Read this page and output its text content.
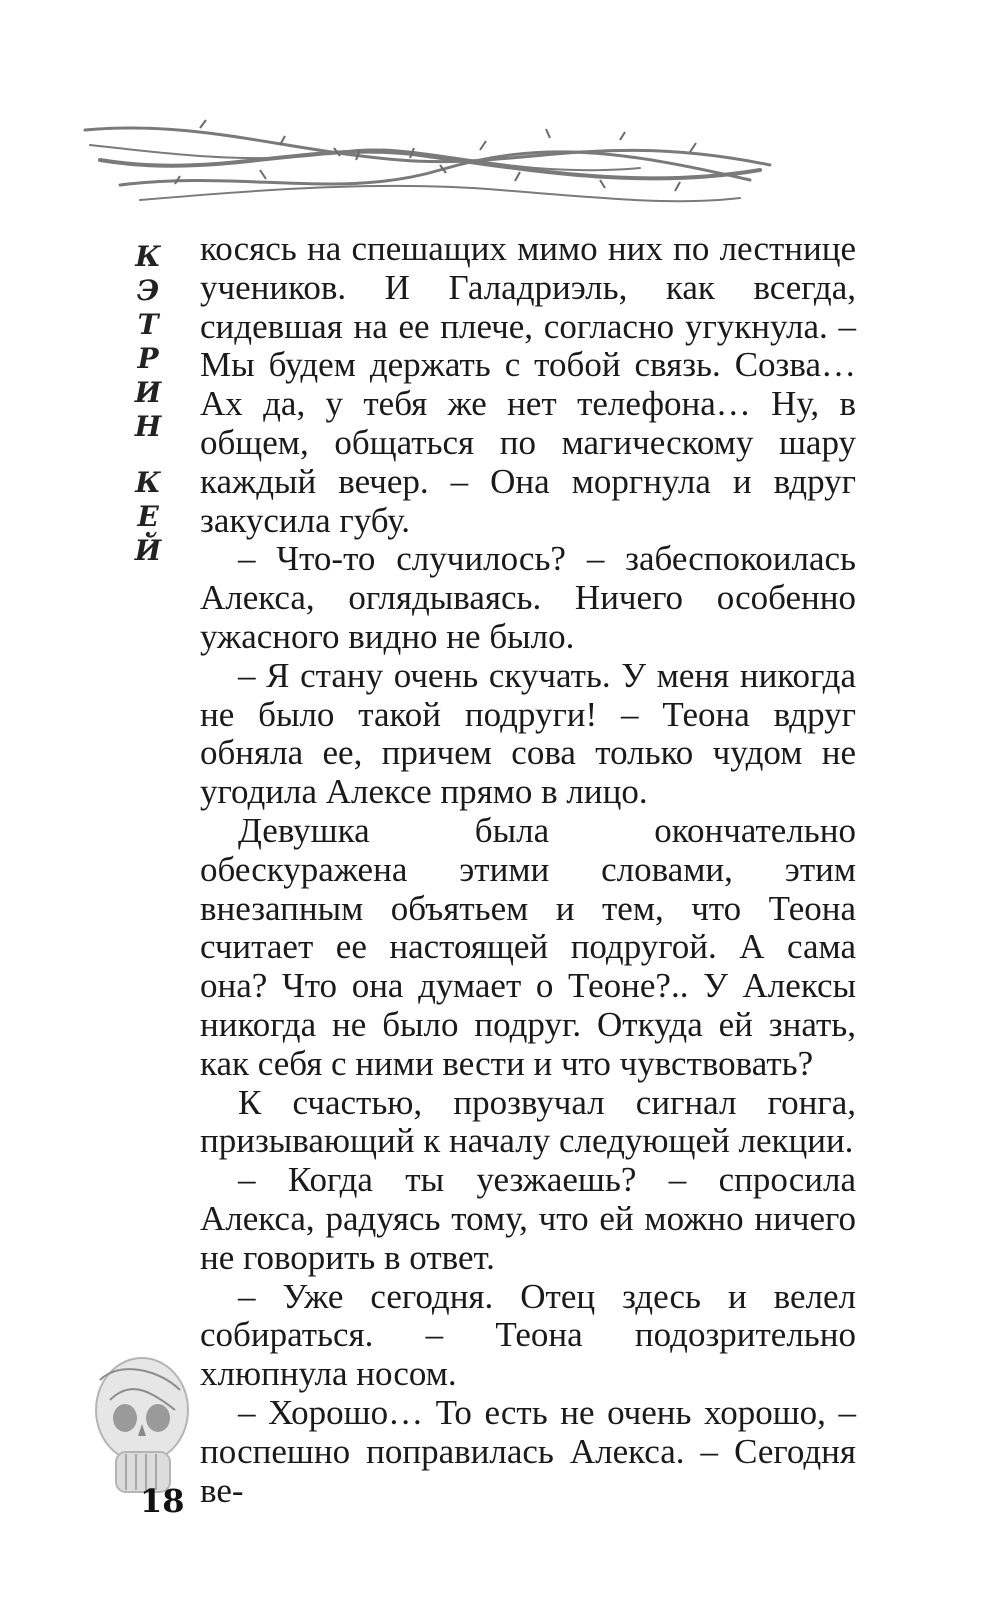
К
Э
Т
Р
И
Н
К
Е
Й

косясь на спешащих мимо них по лестнице учеников. И Галадриэль, как всегда, сидевшая на ее плече, согласно угукнула. – Мы будем держать с тобой связь. Созва… Ах да, у тебя же нет телефона… Ну, в общем, общаться по магическому шару каждый вечер. – Она моргнула и вдруг закусила губу.

– Что-то случилось? – забеспокоилась Алекса, оглядываясь. Ничего особенно ужасного видно не было.

– Я стану очень скучать. У меня никогда не было такой подруги! – Теона вдруг обняла ее, причем сова только чудом не угодила Алексе прямо в лицо.

Девушка была окончательно обескуражена этими словами, этим внезапным объятьем и тем, что Теона считает ее настоящей подругой. А сама она? Что она думает о Теоне?.. У Алексы никогда не было подруг. Откуда ей знать, как себя с ними вести и что чувствовать?

К счастью, прозвучал сигнал гонга, призывающий к началу следующей лекции.

– Когда ты уезжаешь? – спросила Алекса, радуясь тому, что ей можно ничего не говорить в ответ.

– Уже сегодня. Отец здесь и велел собираться. – Теона подозрительно хлюпнула носом.

– Хорошо… То есть не очень хорошо, – поспешно поправилась Алекса. – Сегодня ве-

18
